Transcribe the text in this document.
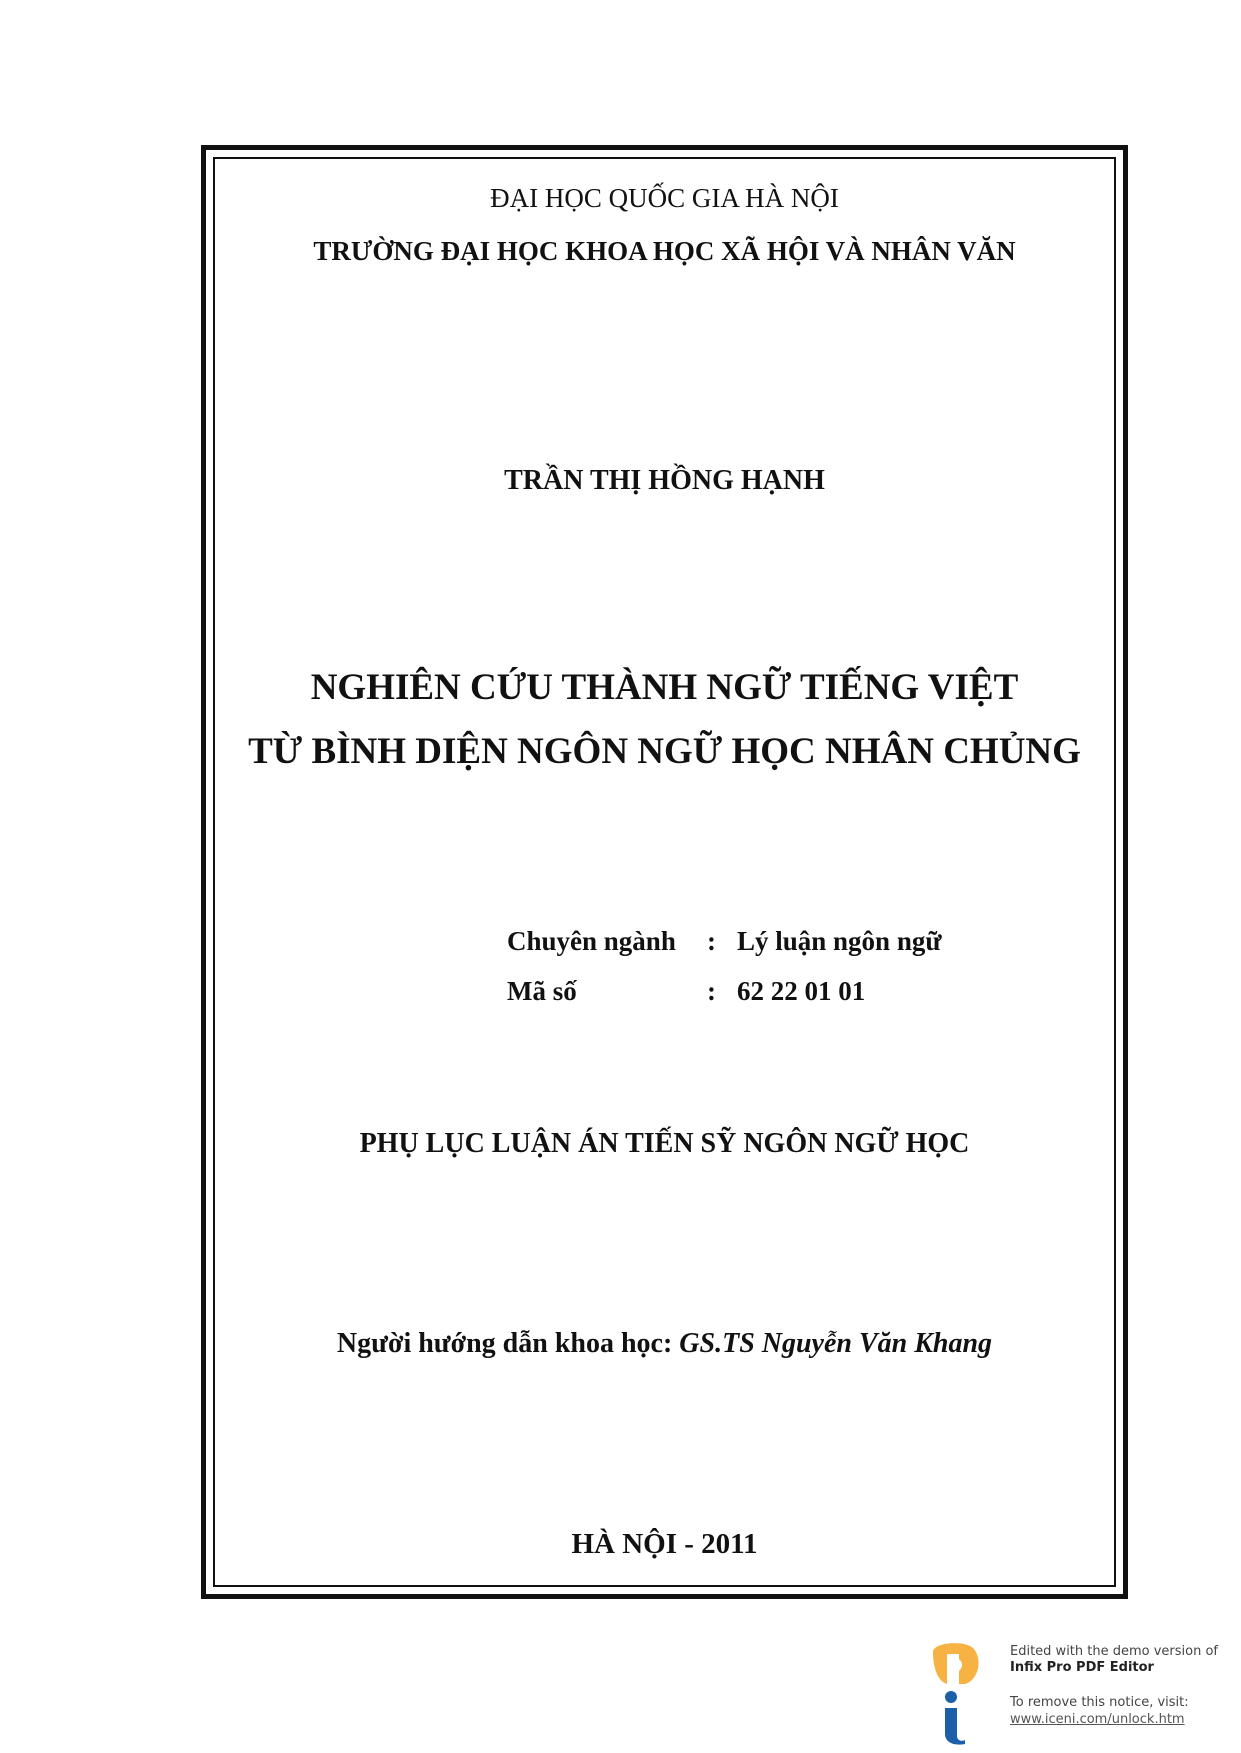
ĐẠI HỌC QUỐC GIA HÀ NỘI
TRƯỜNG ĐẠI HỌC KHOA HỌC XÃ HỘI VÀ NHÂN VĂN
TRẦN THỊ HỒNG HẠNH
NGHIÊN CỨU THÀNH NGỮ TIẾNG VIỆT
TỪ BÌNH DIỆN NGÔN NGỮ HỌC NHÂN CHỦNG
Chuyên ngành : Lý luận ngôn ngữ
Mã số	: 62 22 01 01
PHỤ LỤC LUẬN ÁN TIẾN SỸ NGÔN NGỮ HỌC
Người hướng dẫn khoa học: GS.TS Nguyễn Văn Khang
HÀ NỘI - 2011
Edited with the demo version of
Infix Pro PDF Editor
To remove this notice, visit:
www.iceni.com/unlock.htm
